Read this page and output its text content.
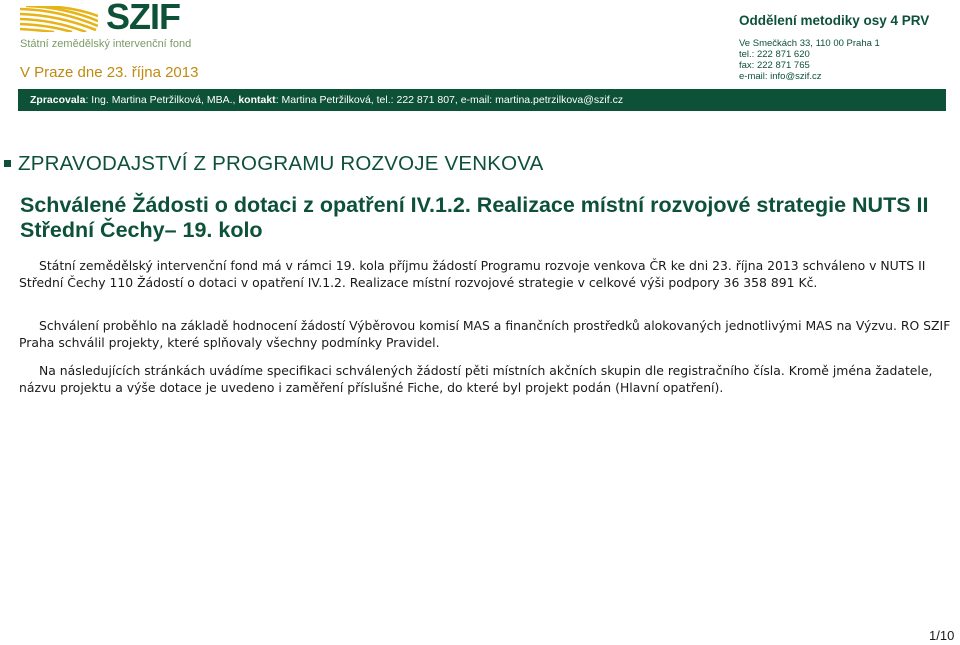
SZIF
Státní zemědělský intervenční fond
V Praze dne 23. října 2013
Oddělení metodiky osy 4 PRV
Ve Smečkách 33, 110 00 Praha 1
tel.: 222 871 620
fax: 222 871 765
e-mail: info@szif.cz
Zpracovala: Ing. Martina Petržilková, MBA., kontakt: Martina Petržilková, tel.: 222 871 807, e-mail: martina.petrzilkova@szif.cz
ZPRAVODAJSTVÍ Z PROGRAMU ROZVOJE VENKOVA
Schválené Žádosti o dotaci z opatření IV.1.2. Realizace místní rozvojové strategie NUTS II Střední Čechy– 19. kolo
Státní zemědělský intervenční fond má v rámci 19. kola příjmu žádostí Programu rozvoje venkova ČR ke dni 23. října 2013 schváleno v NUTS II Střední Čechy 110 Žádostí o dotaci v opatření IV.1.2. Realizace místní rozvojové strategie v celkové výši podpory 36 358 891 Kč.
Schválení proběhlo na základě hodnocení žádostí Výběrovou komisí MAS a finančních prostředků alokovaných jednotlivými MAS na Výzvu. RO SZIF Praha schválil projekty, které splňovaly všechny podmínky Pravidel.
Na následujících stránkách uvádíme specifikaci schválených žádostí pěti místních akčních skupin dle registračního čísla. Kromě jména žadatele, názvu projektu a výše dotace je uvedeno i zaměření příslušné Fiche, do které byl projekt podán (Hlavní opatření).
1/10
